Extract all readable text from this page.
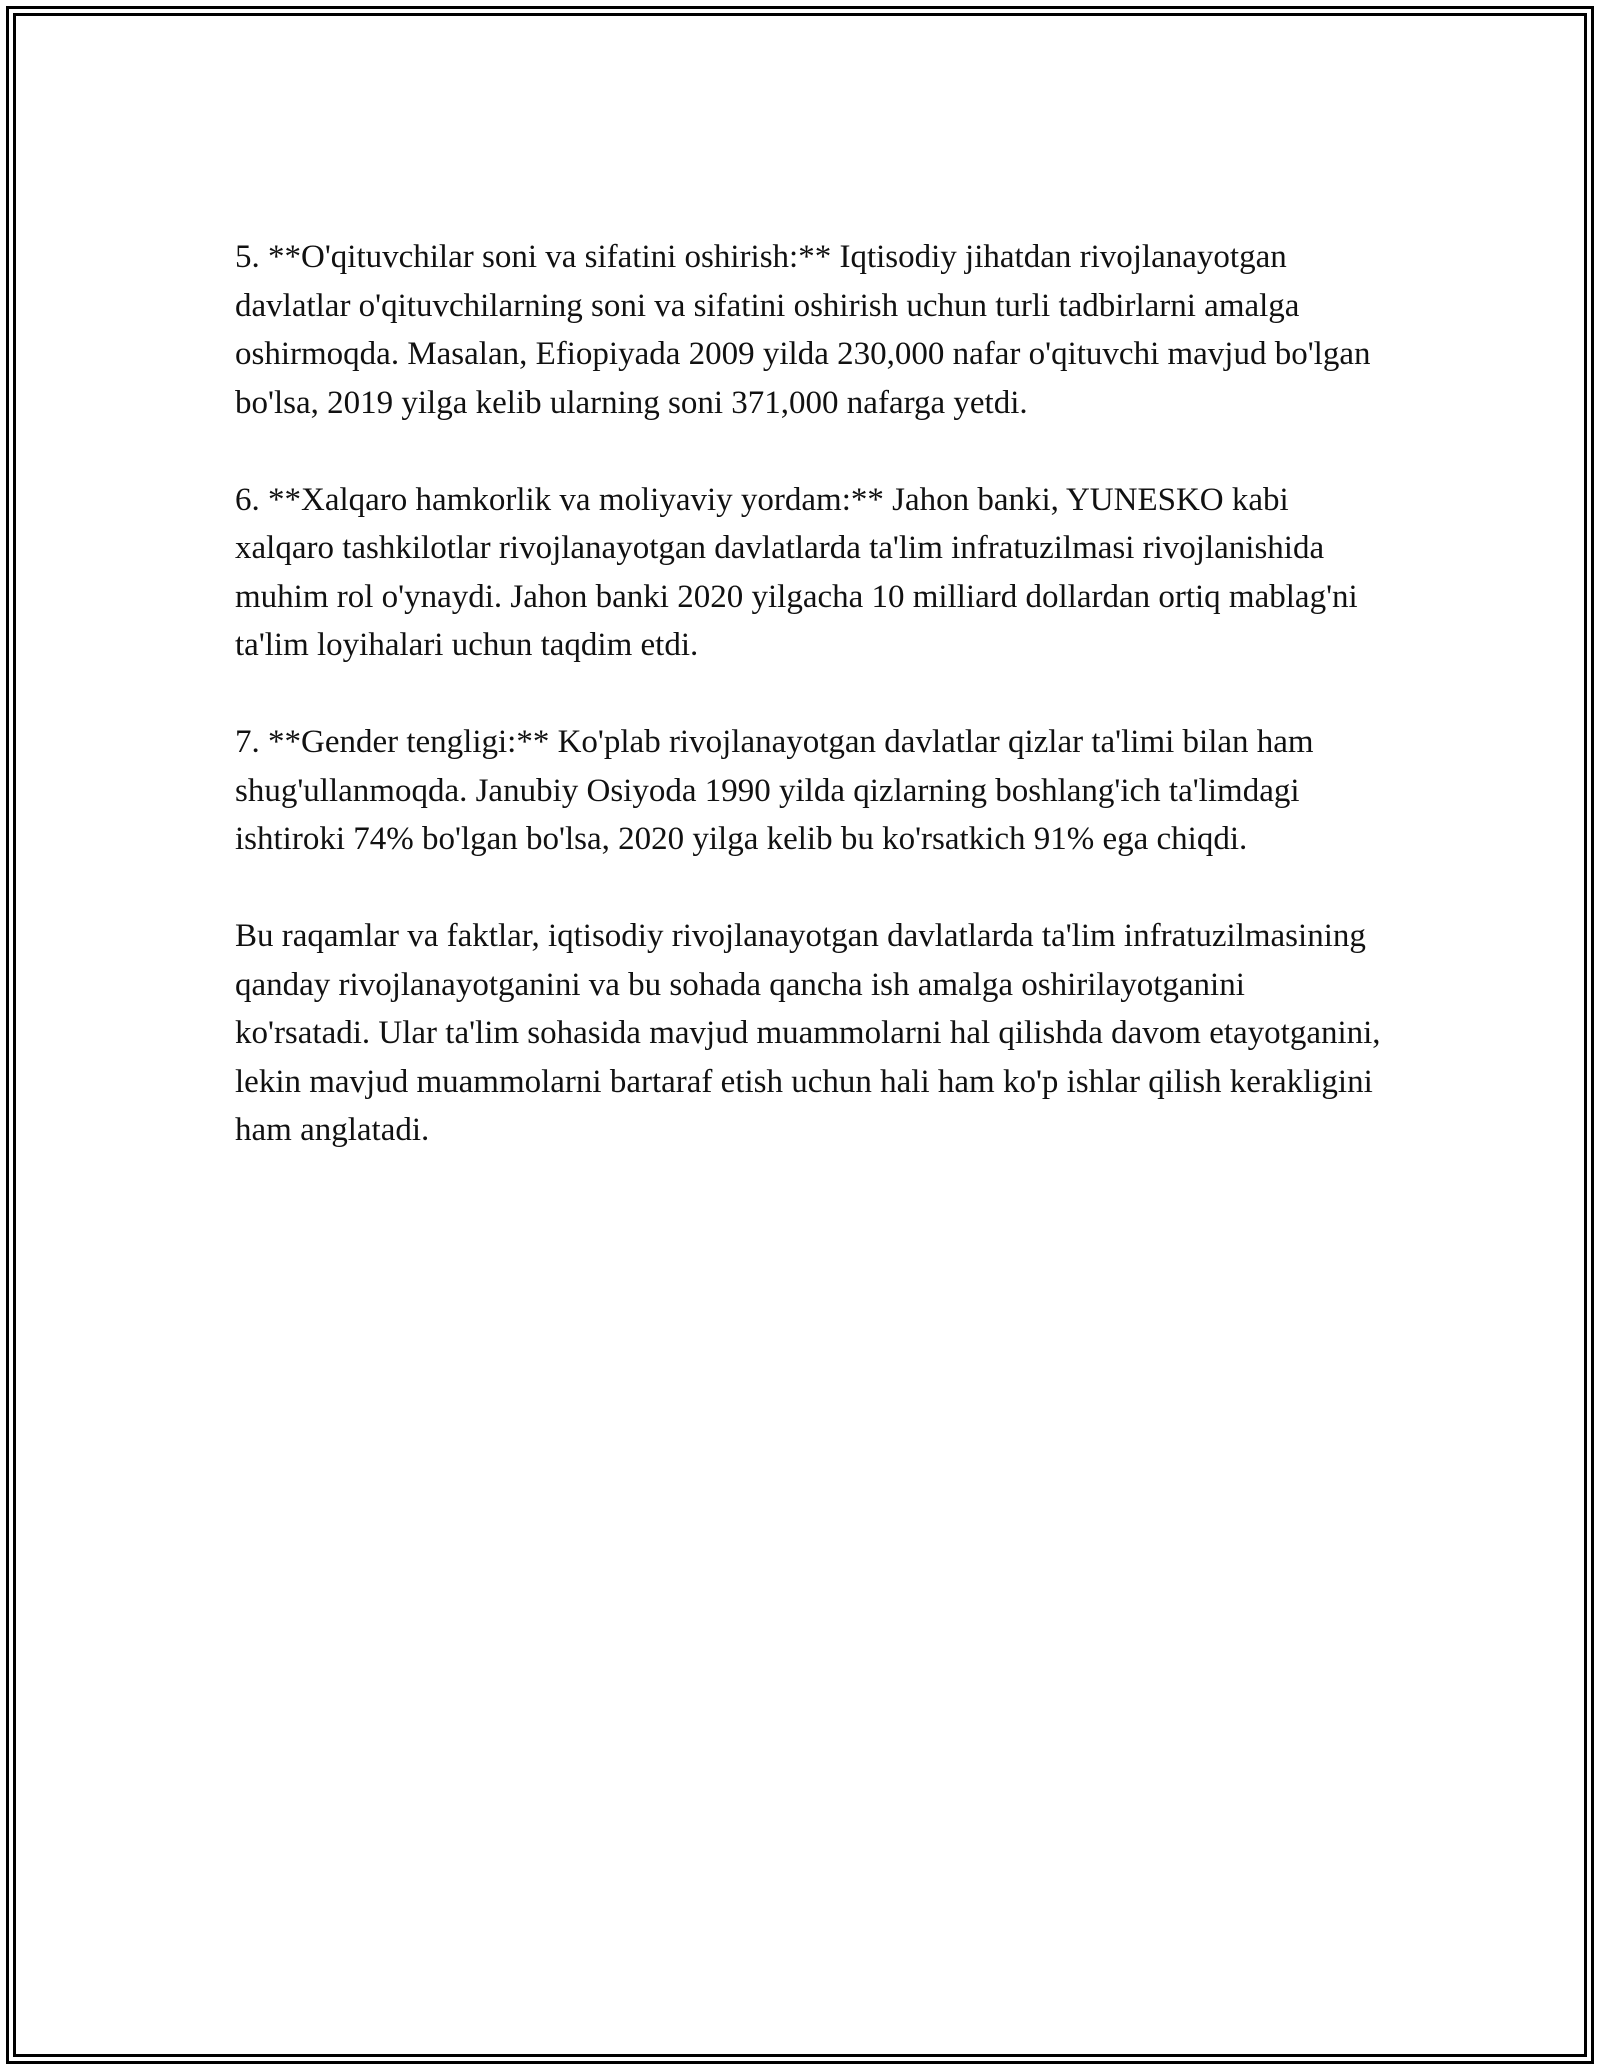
5. **O'qituvchilar soni va sifatini oshirish:** Iqtisodiy jihatdan rivojlanayotgan davlatlar o'qituvchilarning soni va sifatini oshirish uchun turli tadbirlarni amalga oshirmoqda. Masalan, Efiopiyada 2009 yilda 230,000 nafar o'qituvchi mavjud bo'lgan bo'lsa, 2019 yilga kelib ularning soni 371,000 nafarga yetdi.

6. **Xalqaro hamkorlik va moliyaviy yordam:** Jahon banki, YUNESKO kabi xalqaro tashkilotlar rivojlanayotgan davlatlarda ta'lim infratuzilmasi rivojlanishida muhim rol o'ynaydi. Jahon banki 2020 yilgacha 10 milliard dollardan ortiq mablag'ni ta'lim loyihalari uchun taqdim etdi.

7. **Gender tengligi:** Ko'plab rivojlanayotgan davlatlar qizlar ta'limi bilan ham shug'ullanmoqda. Janubiy Osiyoda 1990 yilda qizlarning boshlang'ich ta'limdagi ishtiroki 74% bo'lgan bo'lsa, 2020 yilga kelib bu ko'rsatkich 91% ega chiqdi.

Bu raqamlar va faktlar, iqtisodiy rivojlanayotgan davlatlarda ta'lim infratuzilmasining qanday rivojlanayotganini va bu sohada qancha ish amalga oshirilayotganini ko'rsatadi. Ular ta'lim sohasida mavjud muammolarni hal qilishda davom etayotganini, lekin mavjud muammolarni bartaraf etish uchun hali ham ko'p ishlar qilish kerakligini ham anglatadi.
